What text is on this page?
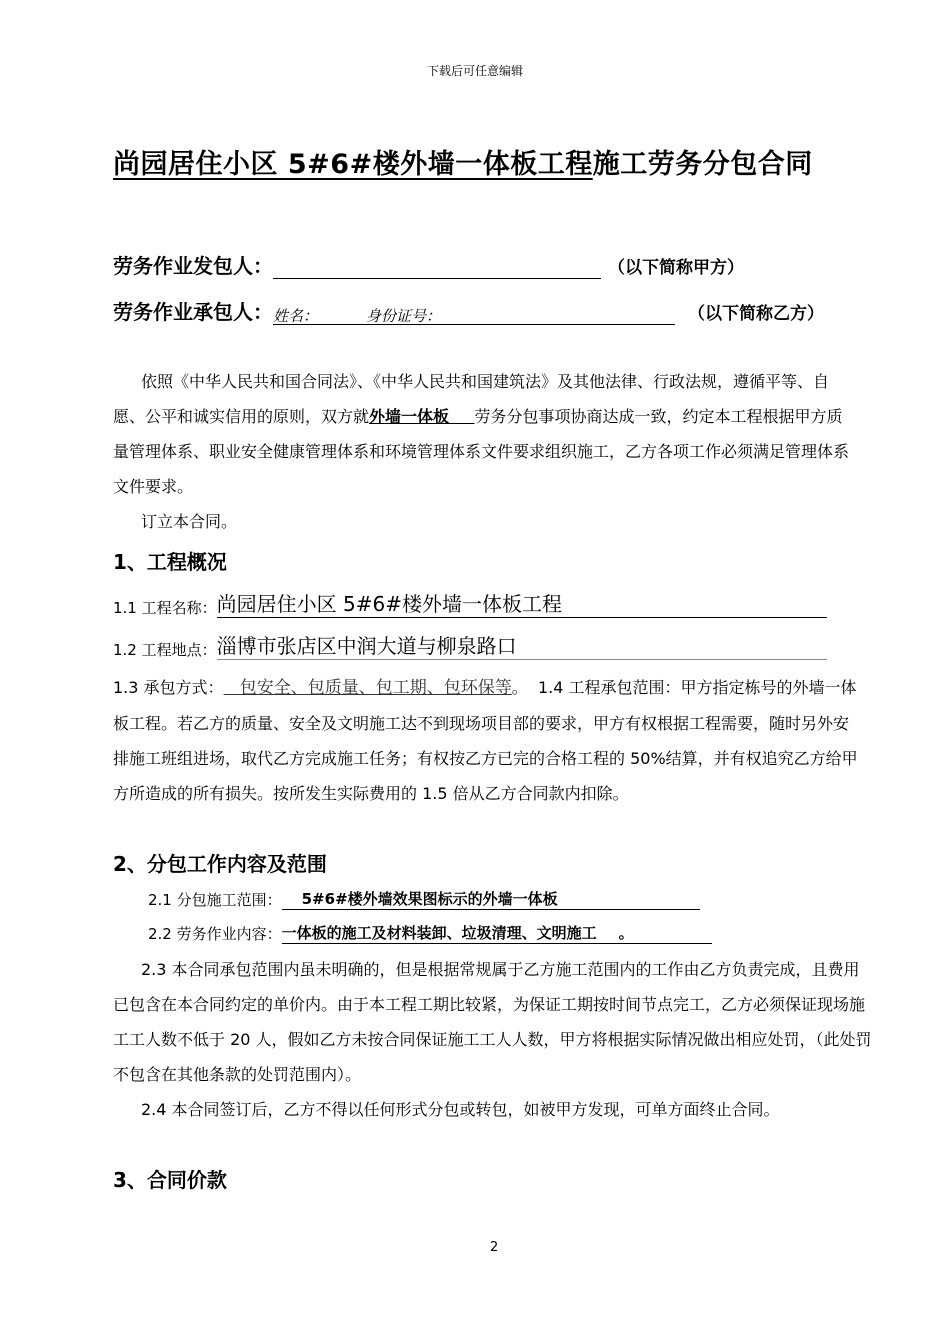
下载后可任意编辑
尚园居住小区 5#6#楼外墙一体板工程施工劳务分包合同
劳务作业发包人：	（以下简称甲方）
劳务作业承包人：姓名：	身份证号：	（以下简称乙方）

依照《中华人民共和国合同法》、《中华人民共和国建筑法》及其他法律、行政法规，遵循平等、自愿、公平和诚实信用的原则，双方就外墙一体板 劳务分包事项协商达成一致，约定本工程根据甲方质量管理体系、职业安全健康管理体系和环境管理体系文件要求组织施工，乙方各项工作必须满足管理体系文件要求。

订立本合同。

1、工程概况
1.1 工程名称：尚园居住小区 5#6#楼外墙一体板工程
1.2 工程地点：淄博市张店区中润大道与柳泉路口

1.3 承包方式： 包安全、包质量、包工期、包环保等。 1.4 工程承包范围：甲方指定栋号的外墙一体板工程。若乙方的质量、安全及文明施工达不到现场项目部的要求，甲方有权根据工程需要，随时另外安排施工班组进场，取代乙方完成施工任务；有权按乙方已完的合格工程的 50%结算，并有权追究乙方给甲方所造成的所有损失。按所发生实际费用的 1.5 倍从乙方合同款内扣除。

2、分包工作内容及范围
2.1 分包施工范围： 5#6#楼外墙效果图标示的外墙一体板
2.2 劳务作业内容：一体板的施工及材料装卸、垃圾清理、文明施工 。

2.3 本合同承包范围内虽未明确的，但是根据常规属于乙方施工范围内的工作由乙方负责完成，且费用已包含在本合同约定的单价内。由于本工程工期比较紧，为保证工期按时间节点完工，乙方必须保证现场施工工人数不低于 20 人，假如乙方未按合同保证施工工人人数，甲方将根据实际情况做出相应处罚，（此处罚不包含在其他条款的处罚范围内）。

2.4 本合同签订后，乙方不得以任何形式分包或转包，如被甲方发现，可单方面终止合同。

3、合同价款
2
